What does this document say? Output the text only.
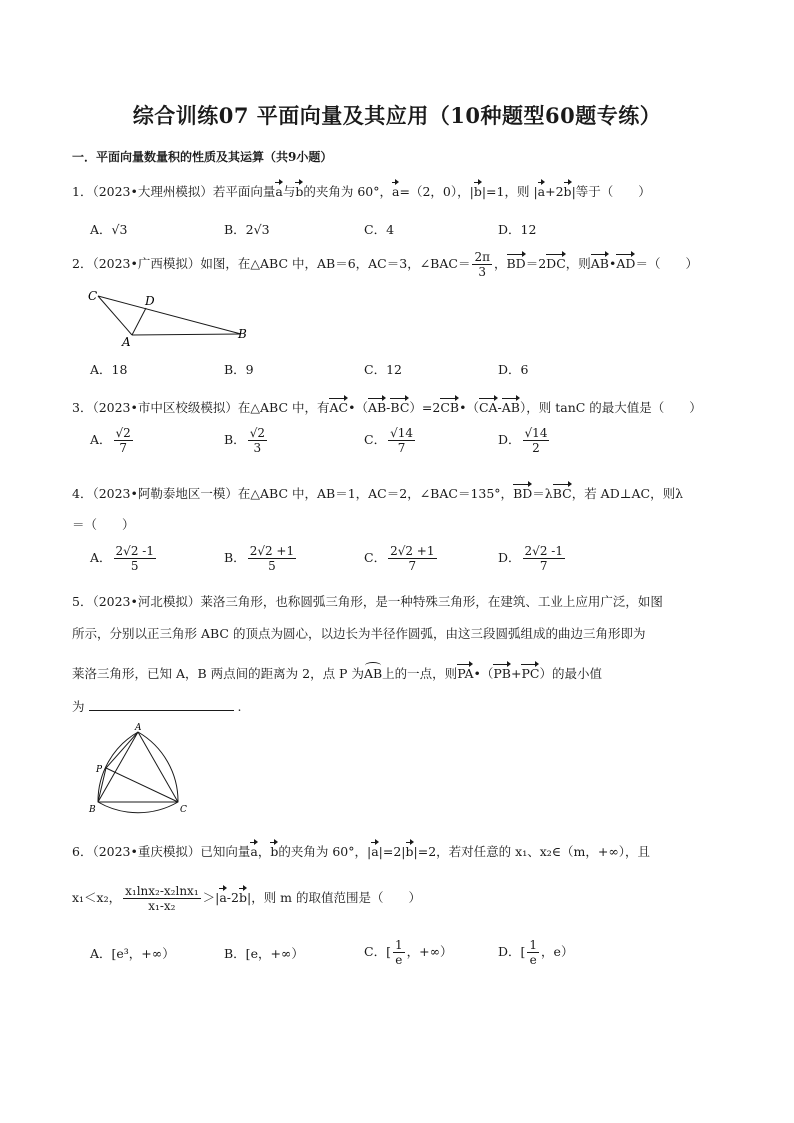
综合训练07 平面向量及其应用（10种题型60题专练）
一．平面向量数量积的性质及其运算（共9小题）
1．（2023•大理州模拟）若平面向量a与b的夹角为 60°，a=（2，0），|b|=1，则 |a+2b|等于（　　）
A．√3	B．2√3	C．4	D．12
2．（2023•广西模拟）如图，在△ABC 中，AB＝6，AC＝3，∠BAC＝ $\frac{2\pi}{3}$ ，BD＝2DC，则AB•AD＝（　　）
C	D
A
B
A．18	B．9	C．12	D．6
3．（2023•市中区校级模拟）在△ABC 中，有AC•（AB-BC）=2CB•（CA-AB），则 tanC 的最大值是（　　）
A． $\frac{√2}{7}$	B． $\frac{√2}{3}$	C． $\frac{√14}{7}$	D． $\frac{√14}{2}$
4．（2023•阿勒泰地区一模）在△ABC 中，AB＝1，AC＝2，∠BAC＝135°，BD＝λBC，若 AD⊥AC，则λ
＝（　　）
A． $\frac{2√2 -1}{5}$	B． $\frac{2√2 +1}{5}$	C． $\frac{2√2 +1}{7}$	D． $\frac{2√2 -1}{7}$
5．（2023•河北模拟）莱洛三角形，也称圆弧三角形，是一种特殊三角形，在建筑、工业上应用广泛，如图
所示，分别以正三角形 ABC 的顶点为圆心，以边长为半径作圆弧，由这三段圆弧组成的曲边三角形即为
莱洛三角形，已知 A，B 两点间的距离为 2，点 P 为AB上的一点，则PA•（PB+PC）的最小值
为	.
A
P
B	C
6．（2023•重庆模拟）已知向量a，b的夹角为 60°，|a|=2|b|=2，若对任意的 x₁、x₂∈（m，+∞），且
x₁＜x₂， $\frac{\text{x₁lnx₂-x₂lnx₁}}{\text{x₁-x₂}} >|a-2b|$，则 m 的取值范围是（　　）
A．[e³，+∞）	B．[e，+∞）	C．[ $\frac{1}{e}$ ，+∞）	D．[ $\frac{1}{e}$ ，e）
